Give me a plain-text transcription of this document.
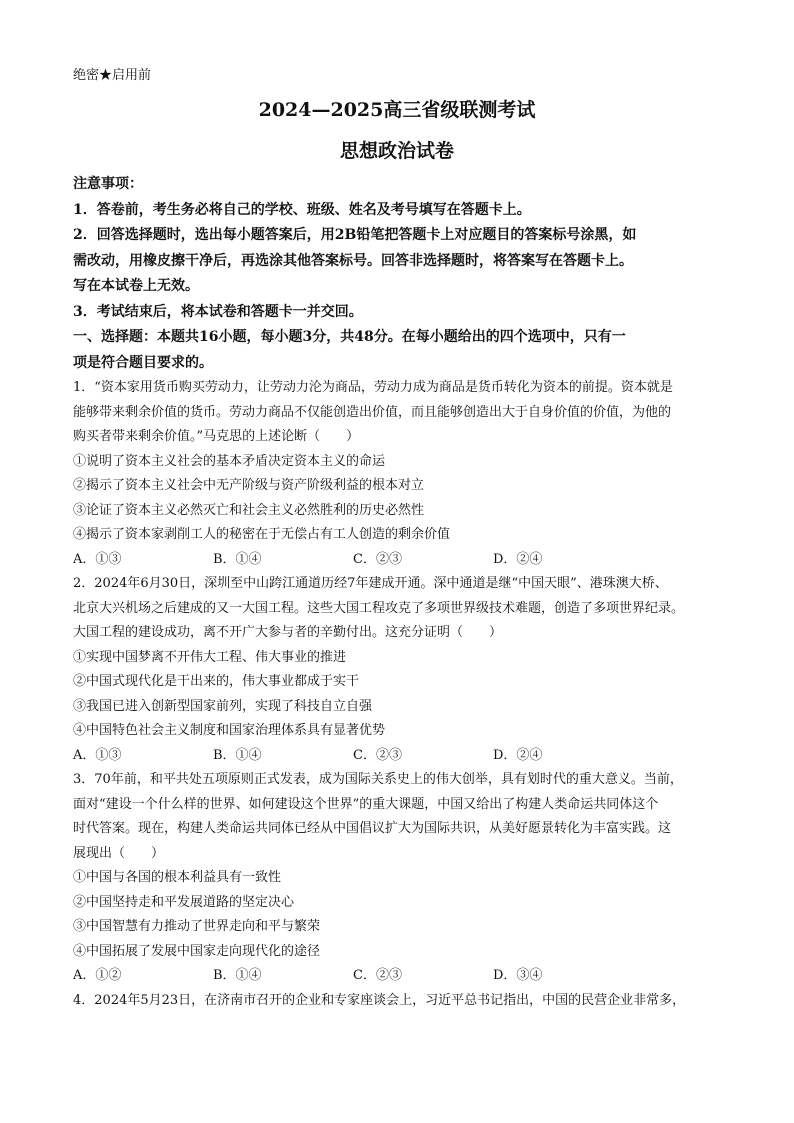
绝密★启用前
2024—2025高三省级联测考试
思想政治试卷
注意事项：
1．答卷前，考生务必将自己的学校、班级、姓名及考号填写在答题卡上。
2．回答选择题时，选出每小题答案后，用2B铅笔把答题卡上对应题目的答案标号涂黑，如
需改动，用橡皮擦干净后，再选涂其他答案标号。回答非选择题时，将答案写在答题卡上。
写在本试卷上无效。
3．考试结束后，将本试卷和答题卡一并交回。
一、选择题：本题共16小题，每小题3分，共48分。在每小题给出的四个选项中，只有一
项是符合题目要求的。
1．“资本家用货币购买劳动力，让劳动力沦为商品，劳动力成为商品是货币转化为资本的前提。资本就是
能够带来剩余价值的货币。劳动力商品不仅能创造出价值，而且能够创造出大于自身价值的价值，为他的
购买者带来剩余价值。”马克思的上述论断（　　）
①说明了资本主义社会的基本矛盾决定资本主义的命运
②揭示了资本主义社会中无产阶级与资产阶级利益的根本对立
③论证了资本主义必然灭亡和社会主义必然胜利的历史必然性
④揭示了资本家剥削工人的秘密在于无偿占有工人创造的剩余价值
A．①③	B．①④	C．②③	D．②④
2．2024年6月30日，深圳至中山跨江通道历经7年建成开通。深中通道是继“中国天眼”、港珠澳大桥、
北京大兴机场之后建成的又一大国工程。这些大国工程攻克了多项世界级技术难题，创造了多项世界纪录。
大国工程的建设成功，离不开广大参与者的辛勤付出。这充分证明（　　）
①实现中国梦离不开伟大工程、伟大事业的推进
②中国式现代化是干出来的，伟大事业都成于实干
③我国已进入创新型国家前列，实现了科技自立自强
④中国特色社会主义制度和国家治理体系具有显著优势
A．①③	B．①④	C．②③	D．②④
3．70年前，和平共处五项原则正式发表，成为国际关系史上的伟大创举，具有划时代的重大意义。当前，
面对“建设一个什么样的世界、如何建设这个世界”的重大课题，中国又给出了构建人类命运共同体这个
时代答案。现在，构建人类命运共同体已经从中国倡议扩大为国际共识，从美好愿景转化为丰富实践。这
展现出（　　）
①中国与各国的根本利益具有一致性
②中国坚持走和平发展道路的坚定决心
③中国智慧有力推动了世界走向和平与繁荣
④中国拓展了发展中国家走向现代化的途径
A．①②	B．①④	C．②③	D．③④
4．2024年5月23日，在济南市召开的企业和专家座谈会上，习近平总书记指出，中国的民营企业非常多，
